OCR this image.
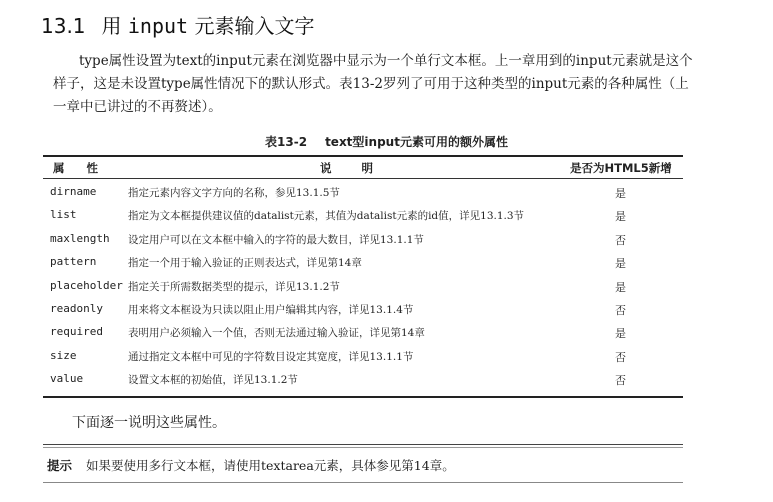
13.1 用 input 元素输入文字
type属性设置为text的input元素在浏览器中显示为一个单行文本框。上一章用到的input元素就是这个样子，这是未设置type属性情况下的默认形式。表13-2罗列了可用于这种类型的input元素的各种属性（上一章中已讲过的不再赘述）。
表13-2 text型input元素可用的额外属性
属性	说明	是否为HTML5新增
dirname	指定元素内容文字方向的名称，参见13.1.5节	是
list	指定为文本框提供建议值的datalist元素，其值为datalist元素的id值，详见13.1.3节	是
maxlength 设定用户可以在文本框中输入的字符的最大数目，详见13.1.1节	否
pattern	指定一个用于输入验证的正则表达式，详见第14章	是
placeholder 指定关于所需数据类型的提示，详见13.1.2节	是
readonly 用来将文本框设为只读以阻止用户编辑其内容，详见13.1.4节	否
required 表明用户必须输入一个值，否则无法通过输入验证，详见第14章	是
size	通过指定文本框中可见的字符数目设定其宽度，详见13.1.1节	否
value	设置文本框的初始值，详见13.1.2节	否
下面逐一说明这些属性。
提示 如果要使用多行文本框，请使用textarea元素，具体参见第14章。
